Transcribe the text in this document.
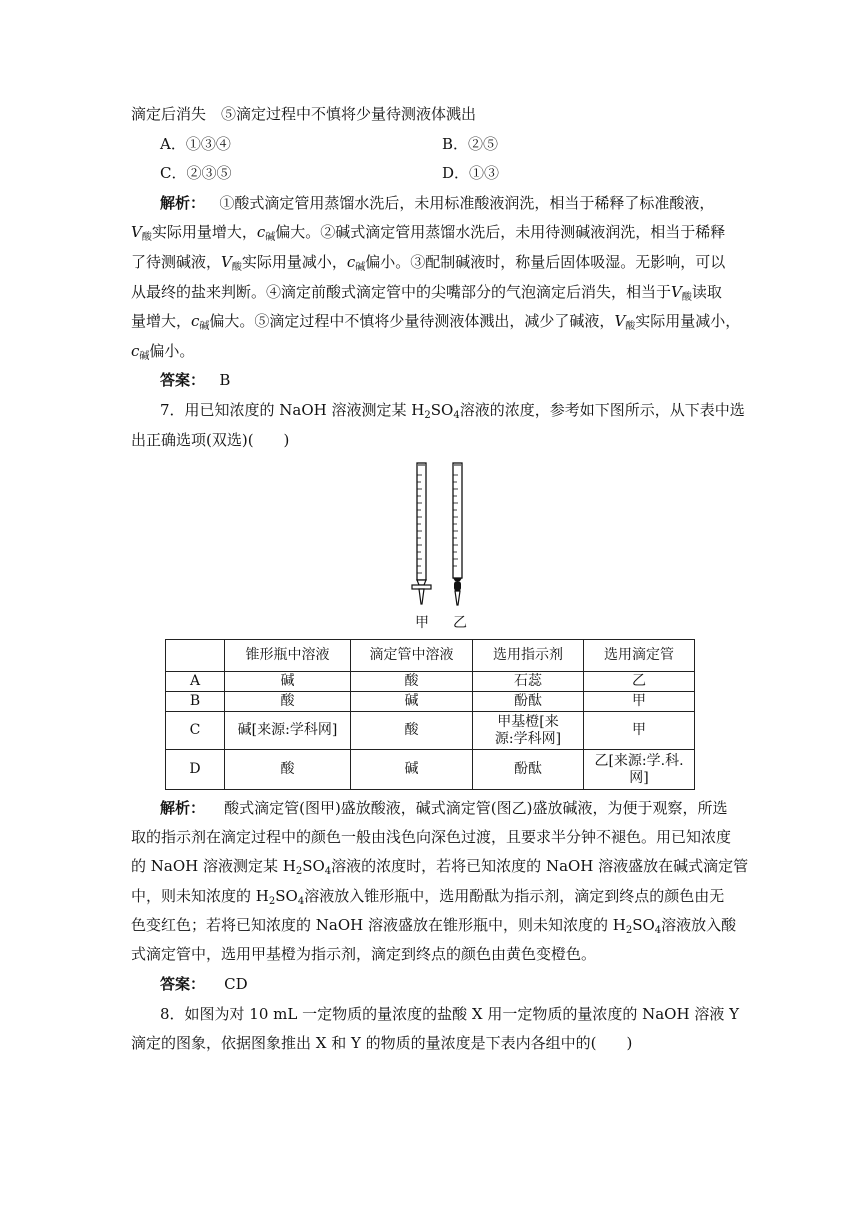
滴定后消失　⑤滴定过程中不慎将少量待测液体溅出
A．①③④	B．②⑤
C．②③⑤	D．①③
解析： ①酸式滴定管用蒸馏水洗后，未用标准酸液润洗，相当于稀释了标准酸液，
$V_酸$实际用量增大，$c_碱$偏大。②碱式滴定管用蒸馏水洗后，未用待测碱液润洗，相当于稀释
了待测碱液，$V_酸$实际用量减小，$c_碱$偏小。③配制碱液时，称量后固体吸湿。无影响，可以
从最终的盐来判断。④滴定前酸式滴定管中的尖嘴部分的气泡滴定后消失，相当于$V_酸$读取
量增大，$c_碱$偏大。⑤滴定过程中不慎将少量待测液体溅出，减少了碱液，$V_酸$实际用量减小，
$c_碱$偏小。
答案： B
7．用已知浓度的 NaOH 溶液测定某 $H_2SO_4$溶液的浓度，参考如下图所示，从下表中选
出正确选项(双选)(　　)
甲 乙
	锥形瓶中溶液	滴定管中溶液	选用指示剂	选用滴定管
A	碱	酸	石蕊	乙
B	酸	碱	酚酞	甲
C	碱[来源:学科网]	酸	甲基橙[来
源:学科网]	甲
D	酸	碱	酚酞	乙[来源:学.科.
网]
解析： 酸式滴定管(图甲)盛放酸液，碱式滴定管(图乙)盛放碱液，为便于观察，所选
取的指示剂在滴定过程中的颜色一般由浅色向深色过渡，且要求半分钟不褪色。用已知浓度
的 NaOH 溶液测定某 $H_2SO_4$溶液的浓度时，若将已知浓度的 NaOH 溶液盛放在碱式滴定管
中，则未知浓度的 $H_2SO_4$溶液放入锥形瓶中，选用酚酞为指示剂，滴定到终点的颜色由无
色变红色；若将已知浓度的 NaOH 溶液盛放在锥形瓶中，则未知浓度的 $H_2SO_4$溶液放入酸
式滴定管中，选用甲基橙为指示剂，滴定到终点的颜色由黄色变橙色。
答案： CD
8．如图为对 10 mL 一定物质的量浓度的盐酸 X 用一定物质的量浓度的 NaOH 溶液 Y
滴定的图象，依据图象推出 X 和 Y 的物质的量浓度是下表内各组中的(　　)
